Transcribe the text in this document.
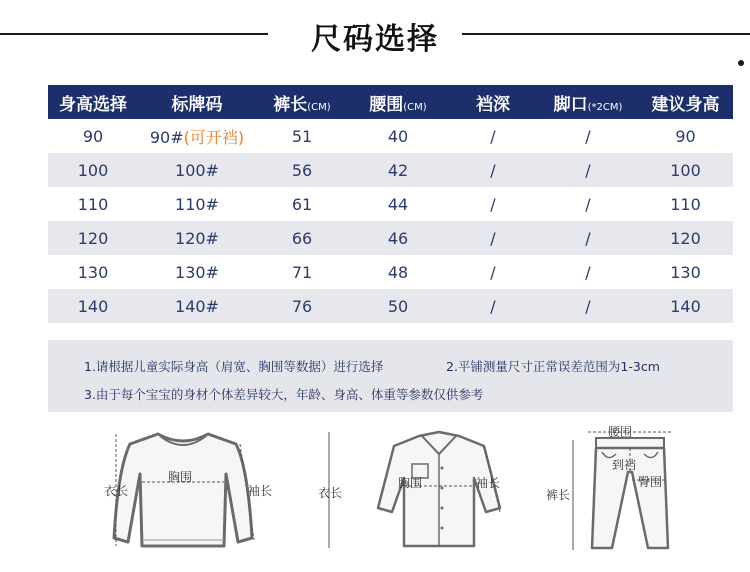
尺码选择
身高选择	标牌码	裤长(CM)	腰围(CM)	裆深	脚口(*2CM)	建议身高
90	90#(可开裆)	51	40	/	/	90
100	100#	56	42	/	/	100
110	110#	61	44	/	/	110
120	120#	66	46	/	/	120
130	130#	71	48	/	/	130
140	140#	76	50	/	/	140
1.请根据儿童实际身高（肩宽、胸围等数据）进行选择	2.平铺测量尺寸正常误差范围为1-3cm
3.由于每个宝宝的身材个体差异较大，年龄、身高、体重等参数仅供参考
衣长
胸围
袖长	衣长
胸围	袖长
腰围
到裆
臀围
裤长
